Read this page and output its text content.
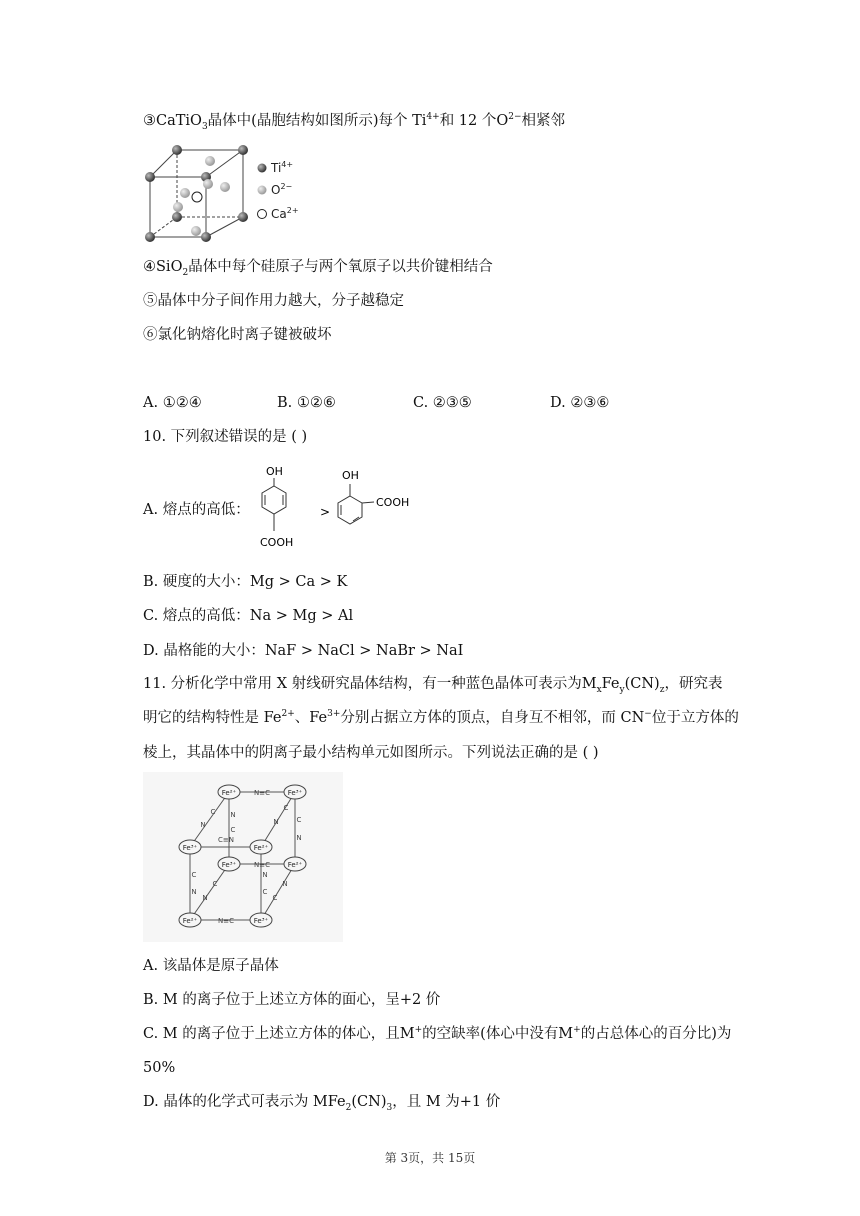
③CaTiO$_3$晶体中(晶胞结构如图所示)每个 $Ti^{4+}$和 12 个$O^{2-}$相紧邻
$Ti^{4+}$
$O^{2-}$
$Ca^{2+}$
④SiO$_2$晶体中每个硅原子与两个氧原子以共价键相结合
⑤晶体中分子间作用力越大，分子越稳定
⑥氯化钠熔化时离子键被破坏
A. ①②④	B. ①②⑥	C. ②③⑤	D. ②③⑥
10. 下列叙述错误的是 ( )
A. 熔点的高低：
OH
COOH
>
OH
COOH
B. 硬度的大小：Mg > Ca > K
C. 熔点的高低：Na > Mg > Al
D. 晶格能的大小：NaF > NaCl > NaBr > NaI
11. 分析化学中常用 X 射线研究晶体结构，有一种蓝色晶体可表示为$M_xFe_y(CN)_z$，研究表
明它的结构特性是 $Fe^{2+}$、$Fe^{3+}$分别占据立方体的顶点，自身互不相邻，而 CN−位于立方体的
棱上，其晶体中的阴离子最小结构单元如图所示。下列说法正确的是 ( )
N≡C
C≡N
N≡C
N≡C
N
C
N
C
N
C
C
N
C
N
N
C
N
C
C
N
Fe²⁺	Fe³⁺
Fe³⁺	Fe²⁺
Fe³⁺	Fe²⁺
Fe²⁺	Fe³⁺
A. 该晶体是原子晶体
B. M 的离子位于上述立方体的面心，呈+2 价
C. M 的离子位于上述立方体的体心，且M+的空缺率(体心中没有M+的占总体心的百分比)为
50%
D. 晶体的化学式可表示为 $MFe_2(CN)_3$，且 M 为+1 价
第 3页，共 15页
